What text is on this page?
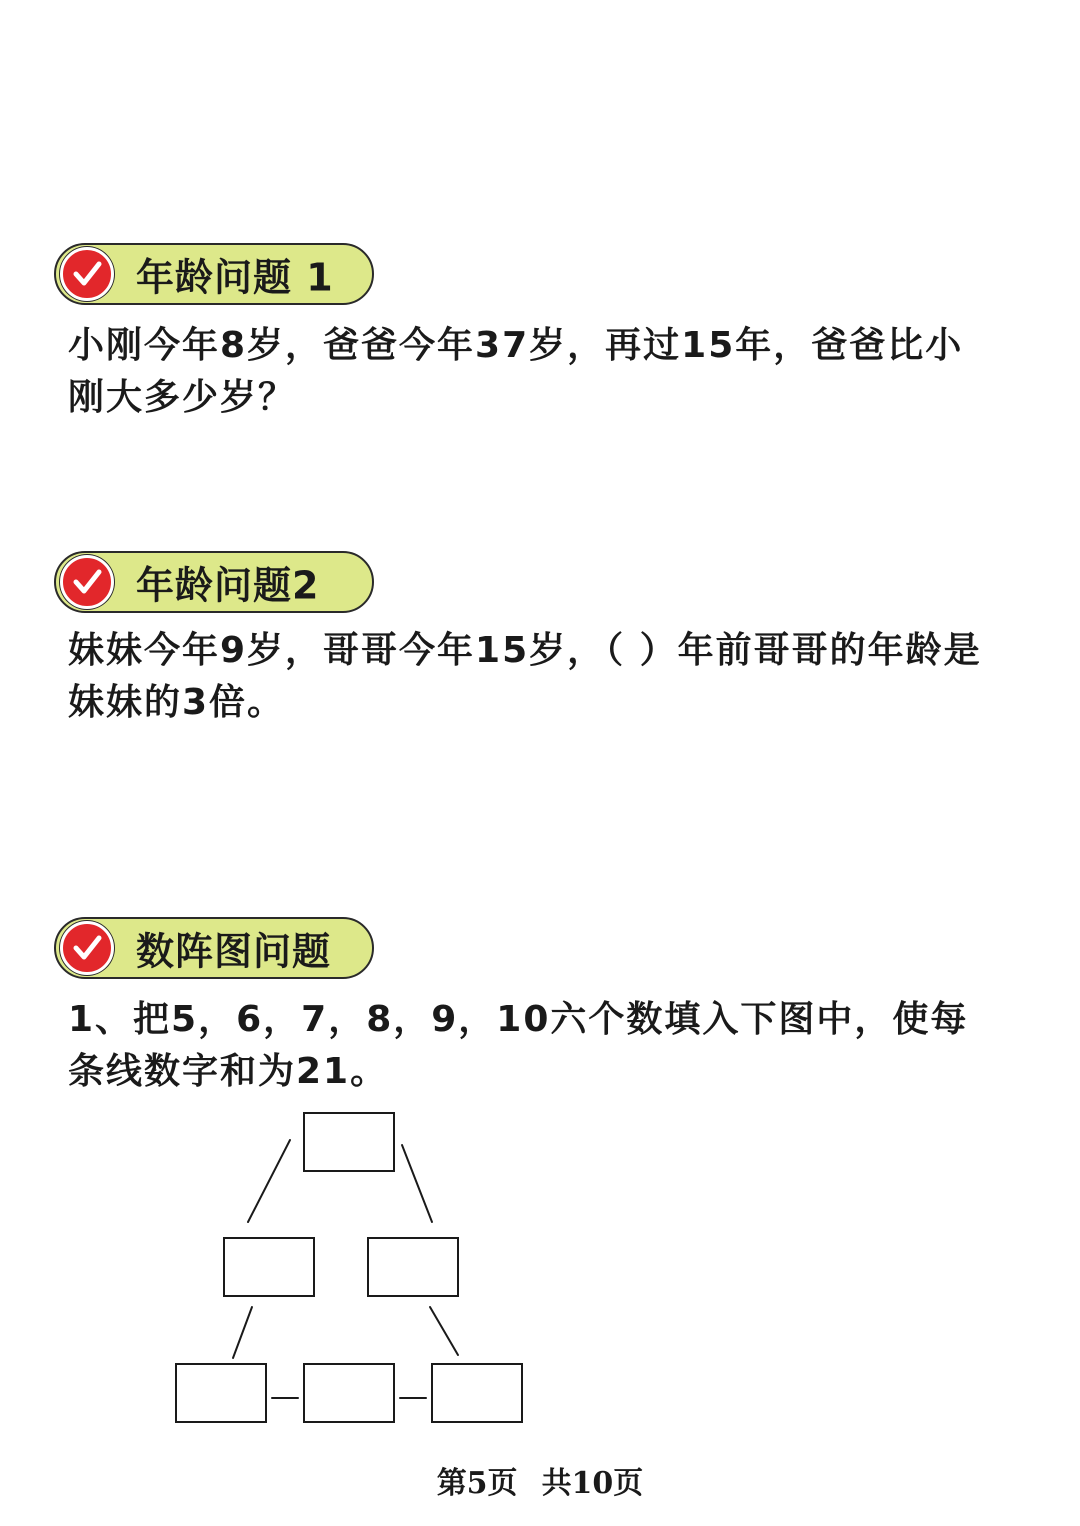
年龄问题 1

小刚今年8岁，爸爸今年37岁，再过15年，爸爸比小刚大多少岁？

年龄问题2

妹妹今年9岁，哥哥今年15岁，（ ）年前哥哥的年龄是妹妹的3倍。

数阵图问题

1、把5，6，7，8，9，10六个数填入下图中，使每条线数字和为21。

第5页 共10页
